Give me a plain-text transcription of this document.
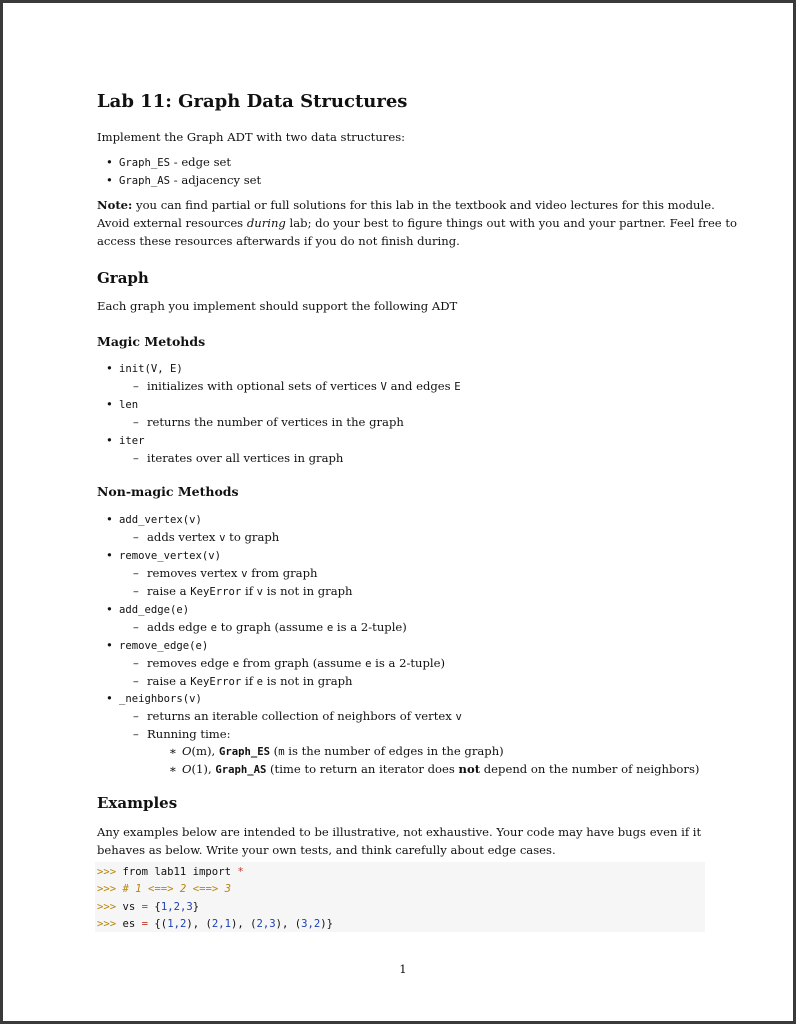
Lab 11: Graph Data Structures

Implement the Graph ADT with two data structures:

• Graph_ES - edge set
• Graph_AS - adjacency set
Note: you can find partial or full solutions for this lab in the textbook and video lectures for this module.
Avoid external resources during lab; do your best to figure things out with you and your partner. Feel free to
access these resources afterwards if you do not finish during.
Graph

Each graph you implement should support the following ADT

Magic Metohds
• init(V, E)
– initializes with optional sets of vertices V and edges E
• len
– returns the number of vertices in the graph
• iter
– iterates over all vertices in graph
Non-magic Methods
• add_vertex(v)
– adds vertex v to graph
• remove_vertex(v)
– removes vertex v from graph
– raise a KeyError if v is not in graph
• add_edge(e)
– adds edge e to graph (assume e is a 2-tuple)
• remove_edge(e)
– removes edge e from graph (assume e is a 2-tuple)
– raise a KeyError if e is not in graph
• _neighbors(v)
– returns an iterable collection of neighbors of vertex v
– Running time:
∗ O(m), Graph_ES (m is the number of edges in the graph)
∗ O(1), Graph_AS (time to return an iterator does not depend on the number of neighbors)
Examples
Any examples below are intended to be illustrative, not exhaustive. Your code may have bugs even if it
behaves as below. Write your own tests, and think carefully about edge cases.
>>> from lab11 import *
>>> # 1 <==> 2 <==> 3
>>> vs = {1,2,3}
>>> es = {(1,2), (2,1), (2,3), (3,2)}
1
